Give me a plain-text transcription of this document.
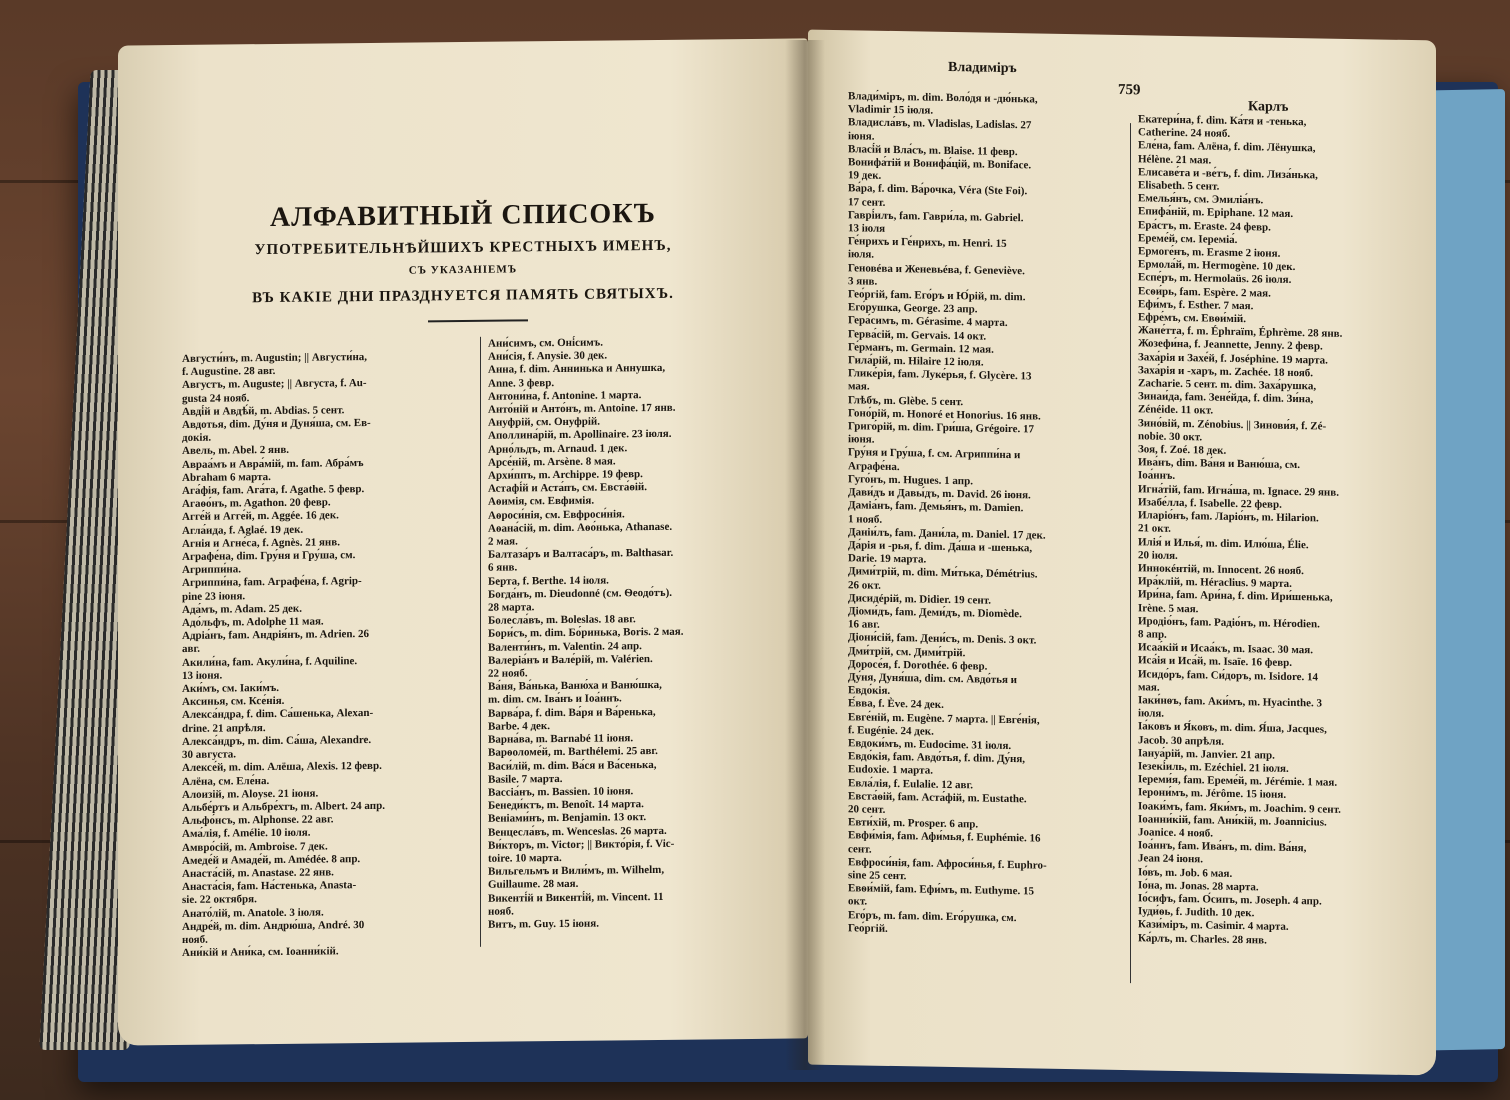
АЛФАВИТНЫЙ СПИСОКЪ
УПОТРЕБИТЕЛЬНѢЙШИХЪ КРЕСТНЫХЪ ИМЕНЪ,
СЪ УКАЗАНІЕМЪ
ВЪ КАКІЕ ДНИ ПРАЗДНУЕТСЯ ПАМЯТЬ СВЯТЫХЪ.

Августи́нъ, m. Augustin; || Августи́на,

f. Augustine. 28 авг.

Августъ, m. Auguste; || Августа, f. Au-

gusta 24 нояб.

Авді́й и Авдѣ́й, m. Abdias. 5 сент.

Авдотья, dim. Ду́ня и Дуня́ша, см. Ев-

докія.

Авель, m. Abel. 2 янв.

Авраа́мъ и Авра́мій, m. fam. Абра́мъ

Abraham 6 марта.

Ага́фія, fam. Ага́та, f. Agathe. 5 февр.

Агаѳо́нъ, m. Agathon. 20 февр.

Агге́й и Агге́й, m. Aggée. 16 дек.

Агла́ида, f. Aglaé. 19 дек.

Агнія и Агне́са, f. Agnès. 21 янв.

Аграфе́на, dim. Гру́ня и Гру́ша, см.

Агриппи́на.

Агриппи́на, fam. Аграфе́на, f. Agrip-

pine 23 іюня.

Ада́мъ, m. Adam. 25 дек.

Адо́льфъ, m. Adolphe 11 мая.

Адріа́нъ, fam. Андрія́нъ, m. Adrien. 26

авг.

Акили́на, fam. Акули́на, f. Aquiline.

13 іюня.

Аки́мъ, см. Іаки́мъ.

Аксинья, см. Ксе́нія.

Алекса́ндра, f. dim. Са́шенька, Alexan-

drine. 21 апрѣля.

Алекса́ндръ, m. dim. Са́ша, Alexandre.

30 августа.

Алексе́й, m. dim. Алёша, Alexis. 12 февр.

Алёна, см. Еле́на.

Алоизій, m. Aloyse. 21 іюня.

Альбе́ртъ и Альбре́хтъ, m. Albert. 24 апр.

Альфо́нсъ, m. Alphonse. 22 авг.

Ама́лія, f. Amélie. 10 іюля.

Амвро́сій, m. Ambroise. 7 дек.

Амеде́й и Амаде́й, m. Amédée. 8 апр.

Анаста́сій, m. Anastase. 22 янв.

Анаста́сія, fam. На́стенька, Anasta-

sie. 22 октября.

Анато́лій, m. Anatole. 3 іюля.

Андре́й, m. dim. Андрю́ша, André. 30

нояб.

Ани́кій и Ани́ка, см. Іоанни́кій.

Ани́симъ, см. Оні́симъ.

Ани́сія, f. Anysie. 30 дек.

Анна, f. dim. Аннинька и Аннушка,

Anne. 3 февр.

Антони́на, f. Antonine. 1 марта.

Анто́ній и Анто́нъ, m. Antoine. 17 янв.

Ануфрій, см. Онуфрій.

Аполлина́рій, m. Apollinaire. 23 іюля.

Арно́льдъ, m. Arnaud. 1 дек.

Арсе́ній, m. Arsène. 8 мая.

Архи́ппъ, m. Archippe. 19 февр.

Астафі́й и Аста́пъ, см. Евста́ѳій.

Аѳимія, см. Евфимія.

Аѳроси́нія, см. Евфроси́нія.

Аѳана́сій, m. dim. Аѳо́нька, Athanase.

2 мая.

Балтаза́ръ и Валтаса́ръ, m. Balthasar.

6 янв.

Берта, f. Berthe. 14 іюля.

Богда́нъ, m. Dieudonné (см. Ѳеодо́тъ).

28 марта.

Болесла́въ, m. Boleslas. 18 авг.

Бори́съ, m. dim. Бо́ринька, Boris. 2 мая.

Валенти́нъ, m. Valentin. 24 апр.

Валеріа́нъ и Вале́рій, m. Valérien.

22 нояб.

Ва́ня, Ва́нька, Ваню́ха и Ваню́шка,

m. dim. см. Іва́нъ и Іоа́ннъ.

Варва́ра, f. dim. Ва́ря и Ва́ренька,

Barbe. 4 дек.

Варна́ва, m. Barnabé 11 іюня.

Варѳоломе́й, m. Barthélemi. 25 авг.

Васи́лій, m. dim. Ва́ся и Ва́сенька,

Basile. 7 марта.

Вассіа́нъ, m. Bassien. 10 іюня.

Бенеди́ктъ, m. Benoît. 14 марта.

Веніами́нъ, m. Benjamin. 13 окт.

Венцесла́въ, m. Wenceslas. 26 марта.

Ви́кторъ, m. Victor; || Викто́рія, f. Vic-

toire. 10 марта.

Вильгельмъ и Вили́мъ, m. Wilhelm,

Guillaume. 28 мая.

Викенті́й и Викенті́й, m. Vincent. 11

нояб.

Витъ, m. Guy. 15 іюня.

Владимiръ
759
Карлъ

Влади́міръ, m. dim. Воло́дя и -дю́нька,

Vladimir 15 іюля.

Владисла́въ, m. Vladislas, Ladislas. 27

іюня.

Власі́й и Вла́съ, m. Blaise. 11 февр.

Вонифа́тій и Вонифа́цій, m. Boniface.

19 дек.

Ва́ра, f. dim. Ва́рочка, Véra (Ste Foi).

17 сент.

Гаврі́илъ, fam. Гаври́ла, m. Gabriel.

13 іюля

Ге́нрихъ и Ге́нрихъ, m. Henri. 15

іюля.

Геновéва и Женевьéва, f. Geneviève.

3 янв.

Гео́ргій, fam. Его́ръ и Ю́рій, m. dim.

Его́рушка, George. 23 апр.

Гера́симъ, m. Gérasime. 4 марта.

Герва́сій, m. Gervais. 14 окт.

Ге́рманъ, m. Germain. 12 мая.

Гила́рій, m. Hilaire 12 іюля.

Глике́рія, fam. Луке́рья, f. Glycère. 13

мая.

Глѣбъ, m. Glèbe. 5 сент.

Гоно́рій, m. Honoré et Honorius. 16 янв.

Григо́рій, m. dim. Гри́ша, Grégoire. 17

іюня.

Гру́ня и Гру́ша, f. см. Агриппи́на и

Аграфе́на.

Гуго́нъ, m. Hugues. 1 апр.

Дави́дъ и Давы́дъ, m. David. 26 іюня.

Даміа́нъ, fam. Демья́нъ, m. Damien.

1 нояб.

Даніи́лъ, fam. Дани́ла, m. Daniel. 17 дек.

Да́рія и -рья, f. dim. Да́ша и -шенька,

Darie. 19 марта.

Дими́трій, m. dim. Ми́тька, Démétrius.

26 окт.

Дисидéрій, m. Didier. 19 сент.

Діоми́дъ, fam. Деми́дъ, m. Diomède.

16 авг.

Діони́сій, fam. Дени́съ, m. Denis. 3 окт.

Дми́трій, см. Дими́трій.

Доросе́я, f. Dorothée. 6 февр.

Ду́ня, Дуня́ша, dim. см. Авдо́тья и

Евдо́кія.

Е́вва, f. Ève. 24 дек.

Евге́ній, m. Eugène. 7 марта. || Евге́нія,

f. Eugénie. 24 дек.

Евдоки́мъ, m. Eudocime. 31 іюля.

Евдо́кія, fam. Авдо́тья, f. dim. Ду́ня,

Eudoxie. 1 марта.

Евла́лія, f. Eulalie. 12 авг.

Евста́ѳій, fam. Аста́фій, m. Eustathe.

20 сент.

Евти́хій, m. Prosper. 6 апр.

Евфи́мія, fam. Афи́мья, f. Euphémie. 16

сент.

Евфроси́нія, fam. Афроси́нья, f. Euphro-

sine 25 сент.

Евѳи́мій, fam. Ефи́мъ, m. Euthyme. 15

окт.

Его́ръ, m. fam. dim. Его́рушка, см.

Гео́ргій.

Екатери́на, f. dim. Ка́тя и -тенька,

Catherine. 24 нояб.

Еле́на, fam. Алёна, f. dim. Лёнушка,

Hélène. 21 мая.

Елисаве́та и -ве́тъ, f. dim. Лиза́нька,

Elisabeth. 5 сент.

Емелья́нъ, см. Эмиліа́нъ.

Епифа́ній, m. Epiphane. 12 мая.

Ера́стъ, m. Eraste. 24 февр.

Ереме́й, см. Іереміа́.

Ермоге́нъ, m. Erasme 2 іюня.

Ермола́й, m. Hermogène. 10 дек.

Еспе́ръ, m. Hermolaüs. 26 іюля.

Есѳи́рь, fam. Espère. 2 мая.

Ефи́мъ, f. Esther. 7 мая.

Ефре́мъ, см. Евѳи́мій.

Жане́тта, f. m. Éphraïm, Éphrème. 28 янв.

Жозефи́на, f. Jeannette, Jenny. 2 февр.

Заха́рія и Захе́й, f. Joséphine. 19 марта.

Заха́рія и -харъ, m. Zachée. 18 нояб.

Zacharie. 5 сент. m. dim. Заха́рушка,

Зинаи́да, fam. Зене́йда, f. dim. Зи́на,

Zénéide. 11 окт.

Зино́вій, m. Zénobius. || Зинови́я, f. Zé-

nobie. 30 окт.

Зоя, f. Zoé. 18 дек.

Ива́нъ, dim. Ва́ня и Ваню́ша, см.

Іоа́ннъ.

Игна́тій, fam. Игна́ша, m. Ignace. 29 янв.

Изабе́лла, f. Isabelle. 22 февр.

Иларіо́нъ, fam. Ларіо́нъ, m. Hilarion.

21 окт.

Илія́ и Илья́, m. dim. Илю́ша, Élie.

20 іюля.

Иннокéнтій, m. Innocent. 26 нояб.

Ира́клій, m. Héraclius. 9 марта.

Ири́на, fam. Ари́на, f. dim. Ири́шенька,

Irène. 5 мая.

Иродіо́нъ, fam. Радіо́нъ, m. Hérodien.

8 апр.

Исаа́кій и Исаа́къ, m. Isaac. 30 мая.

Иса́ія и Иса́й, m. Isaïe. 16 февр.

Исидо́ръ, fam. Си́доръ, m. Isidore. 14

мая.

Іаки́нѳъ, fam. Аки́мъ, m. Hyacinthe. 3

іюля.

Іа́ковъ и Я́ковъ, m. dim. Я́ша, Jacques,

Jacob. 30 апрѣля.

Іануа́рій, m. Janvier. 21 апр.

Іезекі́иль, m. Ezéchiel. 21 іюля.

Іереми́я, fam. Ереме́й, m. Jérémie. 1 мая.

Іерони́мъ, m. Jérôme. 15 іюня.

Іоаки́мъ, fam. Яки́мъ, m. Joachim. 9 сент.

Іоанни́кій, fam. Ани́кій, m. Joannicius.

Joanice. 4 нояб.

Іоа́ннъ, fam. Ива́нъ, m. dim. Ва́ня,

Jean 24 іюня.

Іо́въ, m. Job. 6 мая.

Іо́на, m. Jonas. 28 марта.

Іо́сифъ, fam. О́сипъ, m. Joseph. 4 апр.

Іуди́ѳь, f. Judith. 10 дек.

Кази́міръ, m. Casimir. 4 марта.

Ка́рлъ, m. Charles. 28 янв.
